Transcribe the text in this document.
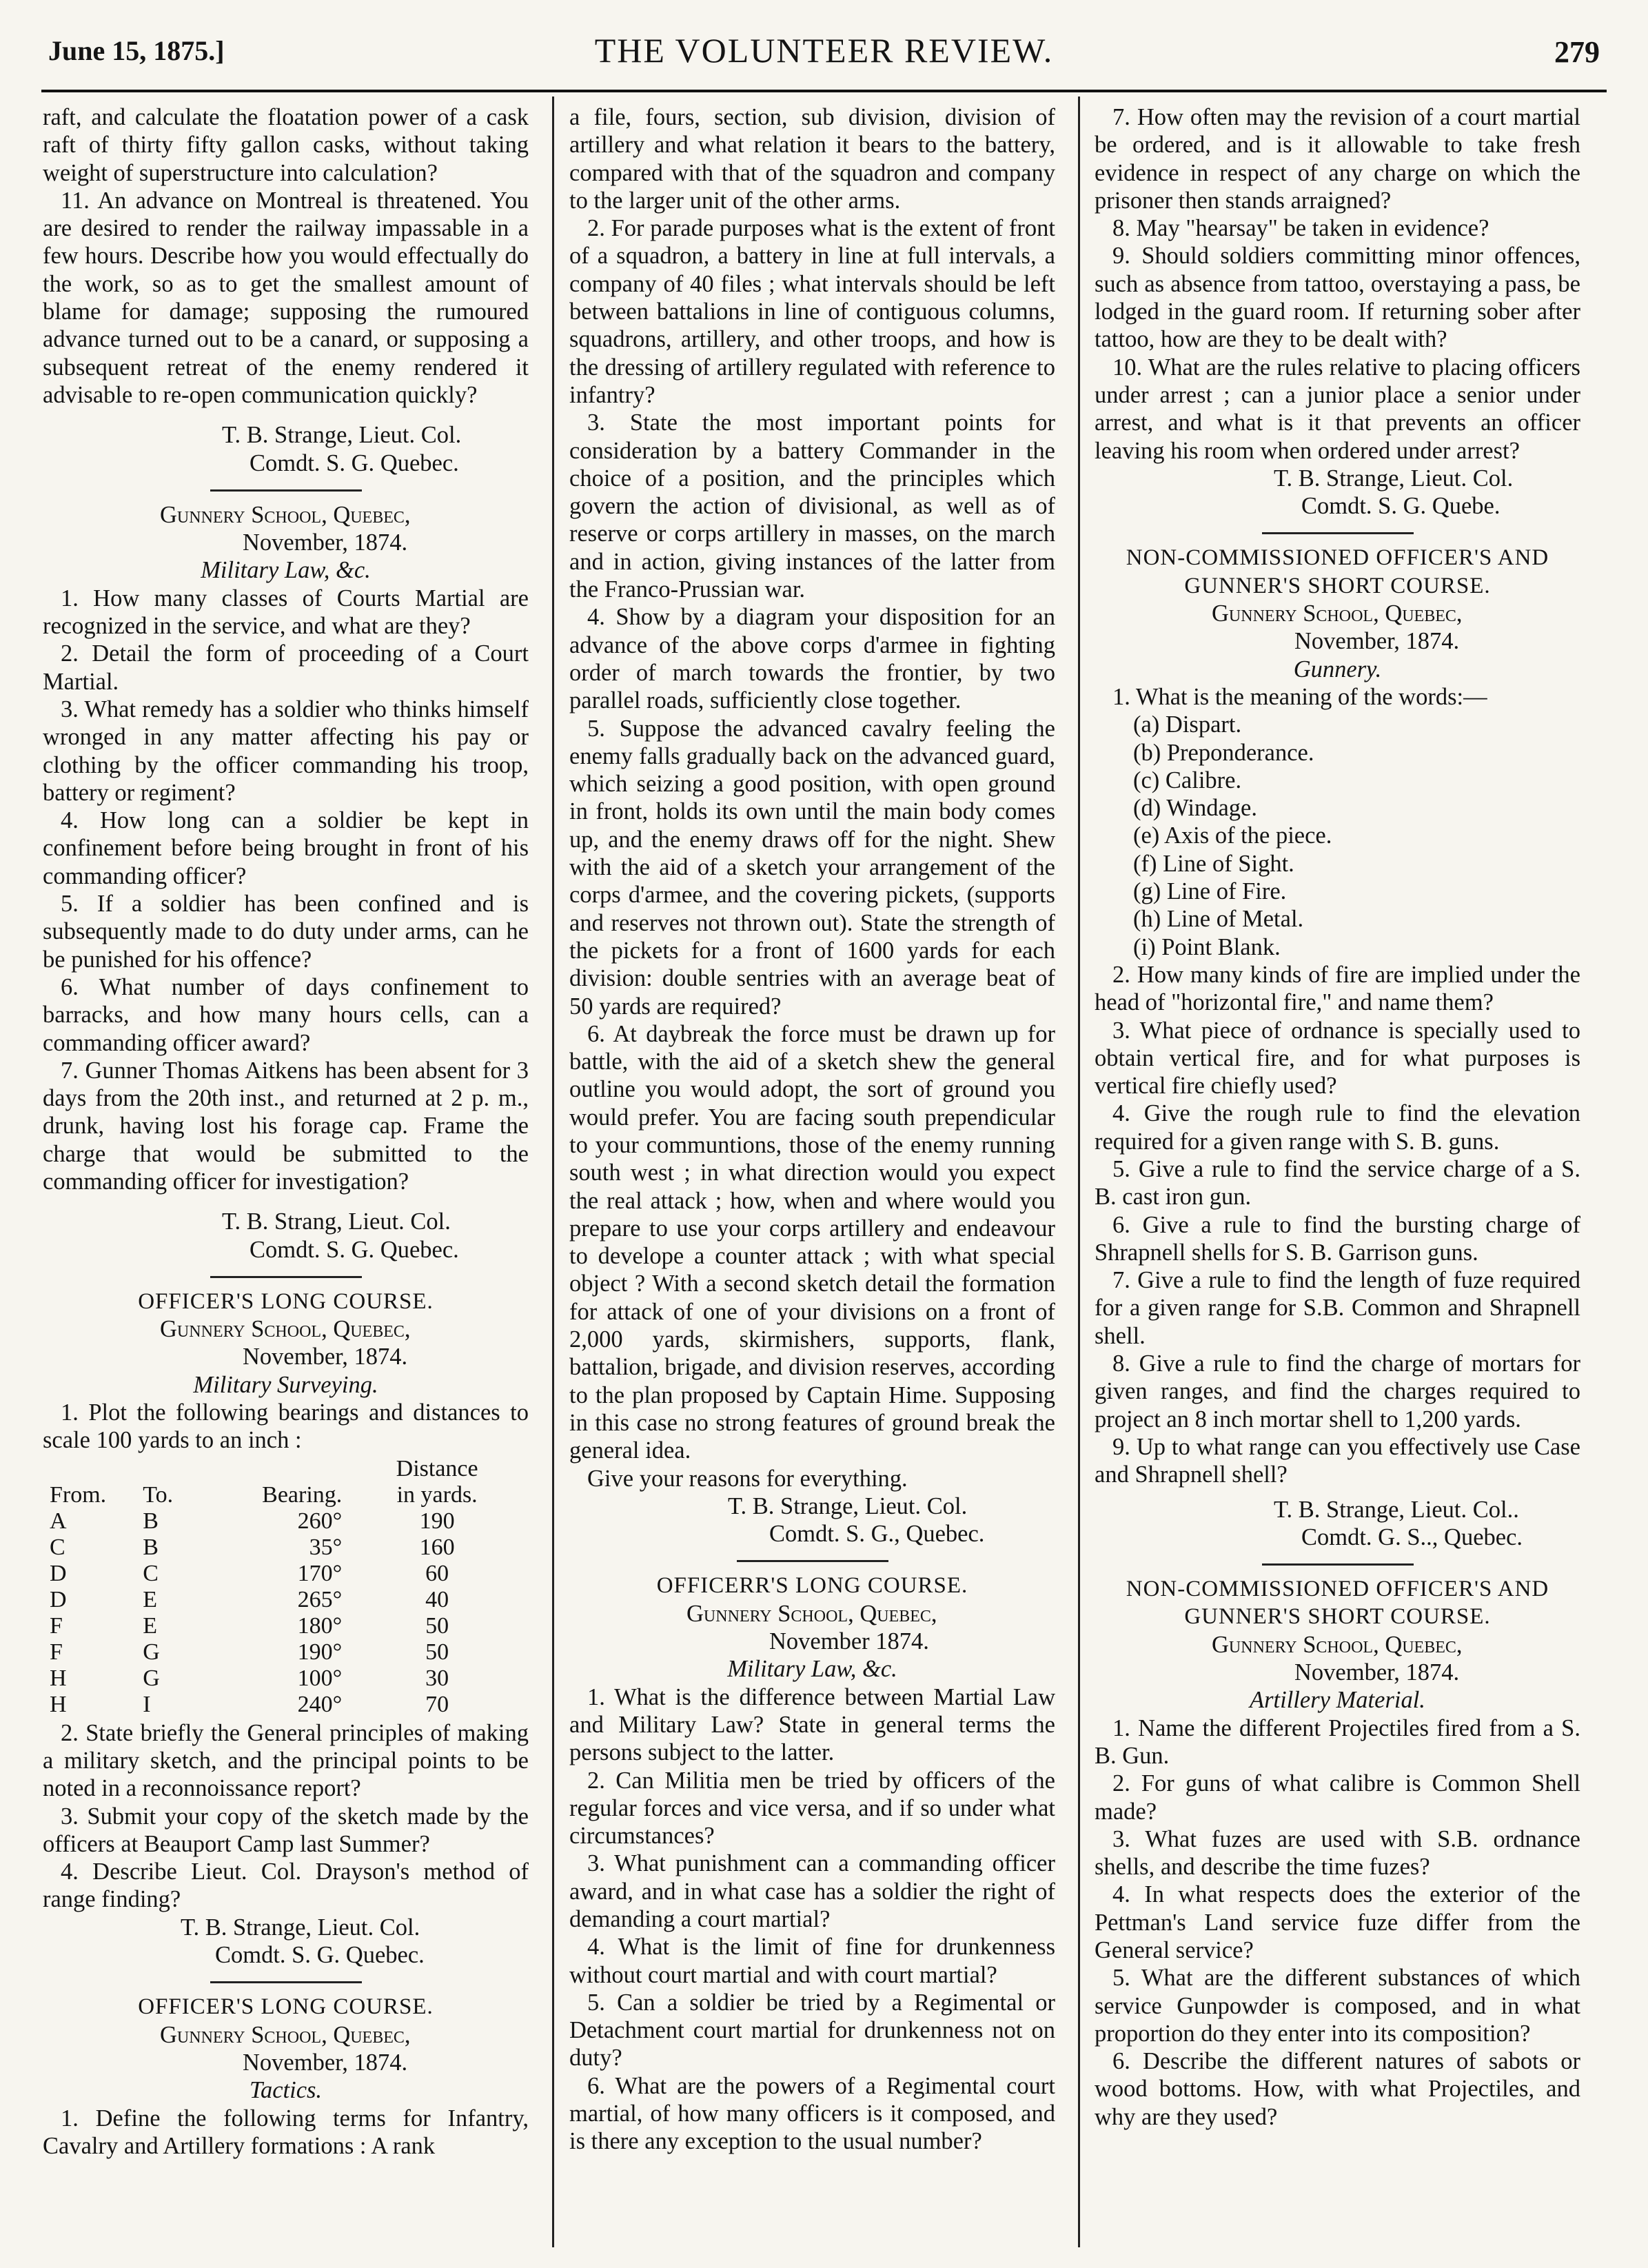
June 15, 1875.]	THE VOLUNTEER REVIEW.	279

raft, and calculate the floatation power of a cask raft of thirty fifty gallon casks, without taking weight of superstructure into calculation?

11. An advance on Montreal is threatened. You are desired to render the railway impassable in a few hours. Describe how you would effectually do the work, so as to get the smallest amount of blame for damage; supposing the rumoured advance turned out to be a canard, or supposing a subsequent retreat of the enemy rendered it advisable to re-open communication quickly?

T. B. Strange, Lieut. Col.

Comdt. S. G. Quebec.

Gunnery School, Quebec,

November, 1874.

Military Law, &c.

1. How many classes of Courts Martial are recognized in the service, and what are they?

2. Detail the form of proceeding of a Court Martial.

3. What remedy has a soldier who thinks himself wronged in any matter affecting his pay or clothing by the officer commanding his troop, battery or regiment?

4. How long can a soldier be kept in confinement before being brought in front of his commanding officer?

5. If a soldier has been confined and is subsequently made to do duty under arms, can he be punished for his offence?

6. What number of days confinement to barracks, and how many hours cells, can a commanding officer award?

7. Gunner Thomas Aitkens has been absent for 3 days from the 20th inst., and returned at 2 p. m., drunk, having lost his forage cap. Frame the charge that would be submitted to the commanding officer for investigation?

T. B. Strang, Lieut. Col.

Comdt. S. G. Quebec.

OFFICER'S LONG COURSE.

Gunnery School, Quebec,

November, 1874.

Military Surveying.

1. Plot the following bearings and distances to scale 100 yards to an inch :

			Distance
From.	To.	Bearing.	in yards.
A	B	260°	190
C	B	35°	160
D	C	170°	60
D	E	265°	40
F	E	180°	50
F	G	190°	50
H	G	100°	30
H	I	240°	70

2. State briefly the General principles of making a military sketch, and the principal points to be noted in a reconnoissance report?

3. Submit your copy of the sketch made by the officers at Beauport Camp last Summer?

4. Describe Lieut. Col. Drayson's method of range finding?

T. B. Strange, Lieut. Col.

Comdt. S. G. Quebec.

OFFICER'S LONG COURSE.

Gunnery School, Quebec,

November, 1874.

Tactics.

1. Define the following terms for Infantry, Cavalry and Artillery formations : A rank

a file, fours, section, sub division, division of artillery and what relation it bears to the battery, compared with that of the squadron and company to the larger unit of the other arms.

2. For parade purposes what is the extent of front of a squadron, a battery in line at full intervals, a company of 40 files ; what intervals should be left between battalions in line of contiguous columns, squadrons, artillery, and other troops, and how is the dressing of artillery regulated with reference to infantry?

3. State the most important points for consideration by a battery Commander in the choice of a position, and the principles which govern the action of divisional, as well as of reserve or corps artillery in masses, on the march and in action, giving instances of the latter from the Franco-Prussian war.

4. Show by a diagram your disposition for an advance of the above corps d'armee in fighting order of march towards the frontier, by two parallel roads, sufficiently close together.

5. Suppose the advanced cavalry feeling the enemy falls gradually back on the advanced guard, which seizing a good position, with open ground in front, holds its own until the main body comes up, and the enemy draws off for the night. Shew with the aid of a sketch your arrangement of the corps d'armee, and the covering pickets, (supports and reserves not thrown out). State the strength of the pickets for a front of 1600 yards for each division: double sentries with an average beat of 50 yards are required?

6. At daybreak the force must be drawn up for battle, with the aid of a sketch shew the general outline you would adopt, the sort of ground you would prefer. You are facing south prependicular to your communtions, those of the enemy running south west ; in what direction would you expect the real attack ; how, when and where would you prepare to use your corps artillery and endeavour to develope a counter attack ; with what special object ? With a second sketch detail the formation for attack of one of your divisions on a front of 2,000 yards, skirmishers, supports, flank, battalion, brigade, and division reserves, according to the plan proposed by Captain Hime. Supposing in this case no strong features of ground break the general idea.

Give your reasons for everything.

T. B. Strange, Lieut. Col.

Comdt. S. G., Quebec.

OFFICERR'S LONG COURSE.

Gunnery School, Quebec,

November 1874.

Military Law, &c.

1. What is the difference between Martial Law and Military Law? State in general terms the persons subject to the latter.

2. Can Militia men be tried by officers of the regular forces and vice versa, and if so under what circumstances?

3. What punishment can a commanding officer award, and in what case has a soldier the right of demanding a court martial?

4. What is the limit of fine for drunkenness without court martial and with court martial?

5. Can a soldier be tried by a Regimental or Detachment court martial for drunkenness not on duty?

6. What are the powers of a Regimental court martial, of how many officers is it composed, and is there any exception to the usual number?

7. How often may the revision of a court martial be ordered, and is it allowable to take fresh evidence in respect of any charge on which the prisoner then stands arraigned?

8. May "hearsay" be taken in evidence?

9. Should soldiers committing minor offences, such as absence from tattoo, overstaying a pass, be lodged in the guard room. If returning sober after tattoo, how are they to be dealt with?

10. What are the rules relative to placing officers under arrest ; can a junior place a senior under arrest, and what is it that prevents an officer leaving his room when ordered under arrest?

T. B. Strange, Lieut. Col.

Comdt. S. G. Quebe.

NON-COMMISSIONED OFFICER'S AND GUNNER'S SHORT COURSE.

Gunnery School, Quebec,

November, 1874.

Gunnery.

1. What is the meaning of the words:—

(a) Dispart.

(b) Preponderance.

(c) Calibre.

(d) Windage.

(e) Axis of the piece.

(f) Line of Sight.

(g) Line of Fire.

(h) Line of Metal.

(i) Point Blank.

2. How many kinds of fire are implied under the head of "horizontal fire," and name them?

3. What piece of ordnance is specially used to obtain vertical fire, and for what purposes is vertical fire chiefly used?

4. Give the rough rule to find the elevation required for a given range with S. B. guns.

5. Give a rule to find the service charge of a S. B. cast iron gun.

6. Give a rule to find the bursting charge of Shrapnell shells for S. B. Garrison guns.

7. Give a rule to find the length of fuze required for a given range for S.B. Common and Shrapnell shell.

8. Give a rule to find the charge of mortars for given ranges, and find the charges required to project an 8 inch mortar shell to 1,200 yards.

9. Up to what range can you effectively use Case and Shrapnell shell?

T. B. Strange, Lieut. Col..

Comdt. G. S.., Quebec.

NON-COMMISSIONED OFFICER'S AND GUNNER'S SHORT COURSE.

Gunnery School, Quebec,

November, 1874.

Artillery Material.

1. Name the different Projectiles fired from a S. B. Gun.

2. For guns of what calibre is Common Shell made?

3. What fuzes are used with S.B. ordnance shells, and describe the time fuzes?

4. In what respects does the exterior of the Pettman's Land service fuze differ from the General service?

5. What are the different substances of which service Gunpowder is composed, and in what proportion do they enter into its composition?

6. Describe the different natures of sabots or wood bottoms. How, with what Projectiles, and why are they used?
